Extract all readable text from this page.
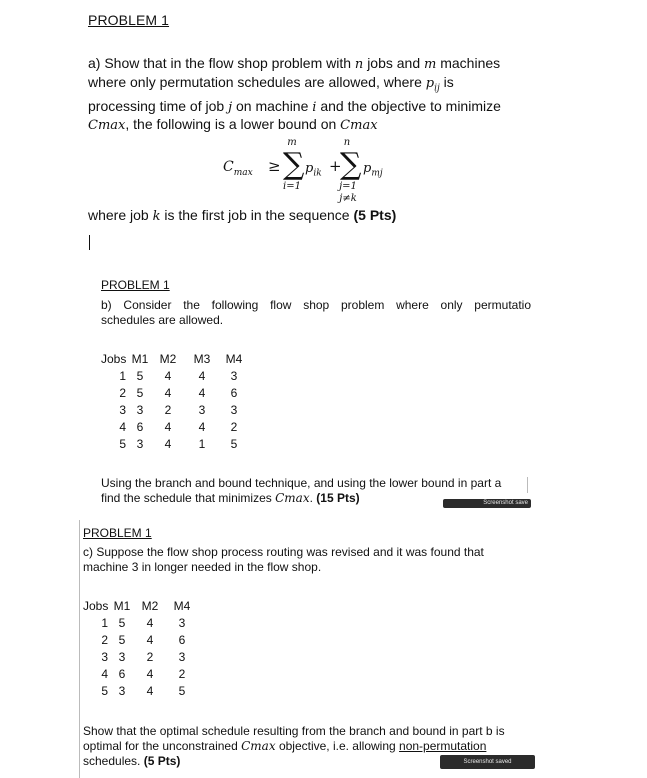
PROBLEM 1
a) Show that in the flow shop problem with n jobs and m machines
where only permutation schedules are allowed, where $p_{ij}$ is
processing time of job j on machine i and the objective to minimize
Cmax, the following is a lower bound on Cmax
$C_{max}$ ≥
m
∑
i=1
$p_{ik}$ +
n
∑
j=1
j≠k
$p_{mj}$
where job k is the first job in the sequence (5 Pts)
PROBLEM 1
b) Consider the following flow shop problem where only permutatio
schedules are allowed.
Jobs	M1	M2	M3	M4
1	5	4	4	3
2	5	4	4	6
3	3	2	3	3
4	6	4	4	2
5	3	4	1	5
Using the branch and bound technique, and using the lower bound in part a
find the schedule that minimizes Cmax. (15 Pts)	Screenshot save
PROBLEM 1
c) Suppose the flow shop process routing was revised and it was found that
machine 3 in longer needed in the flow shop.
Jobs	M1	M2	M4
1	5	4	3
2	5	4	6
3	3	2	3
4	6	4	2
5	3	4	5
Show that the optimal schedule resulting from the branch and bound in part b is
optimal for the unconstrained Cmax objective, i.e. allowing non-permutation
schedules. (5 Pts)	Screenshot saved
